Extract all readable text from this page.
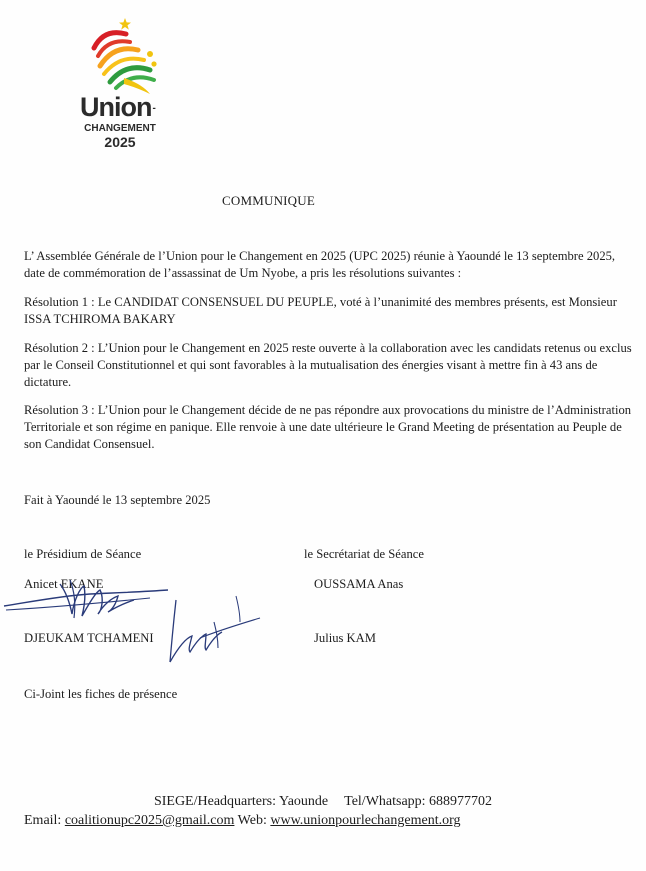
Union-
CHANGEMENT
2025
COMMUNIQUE

L’ Assemblée Générale de l’Union pour le Changement en 2025 (UPC 2025) réunie à Yaoundé le 13 septembre 2025, date de commémoration de l’assassinat de Um Nyobe, a pris les résolutions suivantes :

Résolution 1 : Le CANDIDAT CONSENSUEL DU PEUPLE, voté à l’unanimité des membres présents, est Monsieur ISSA TCHIROMA BAKARY

Résolution 2 : L’Union pour le Changement en 2025 reste ouverte à la collaboration avec les candidats retenus ou exclus par le Conseil Constitutionnel et qui sont favorables à la mutualisation des énergies visant à mettre fin à 43 ans de dictature.

Résolution 3 : L’Union pour le Changement décide de ne pas répondre aux provocations du ministre de l’Administration Territoriale et son régime en panique. Elle renvoie à une date ultérieure le Grand Meeting de présentation au Peuple de son Candidat Consensuel.

Fait à Yaoundé le 13 septembre 2025
le Présidium de Séance	le Secrétariat de Séance
Anicet EKANE
DJEUKAM TCHAMENI
OUSSAMA Anas
Julius KAM
Ci-Joint les fiches de présence
SIEGE/Headquarters: Yaounde Tel/Whatsapp: 688977702
Email: coalitionupc2025@gmail.com Web: www.unionpourlechangement.org
